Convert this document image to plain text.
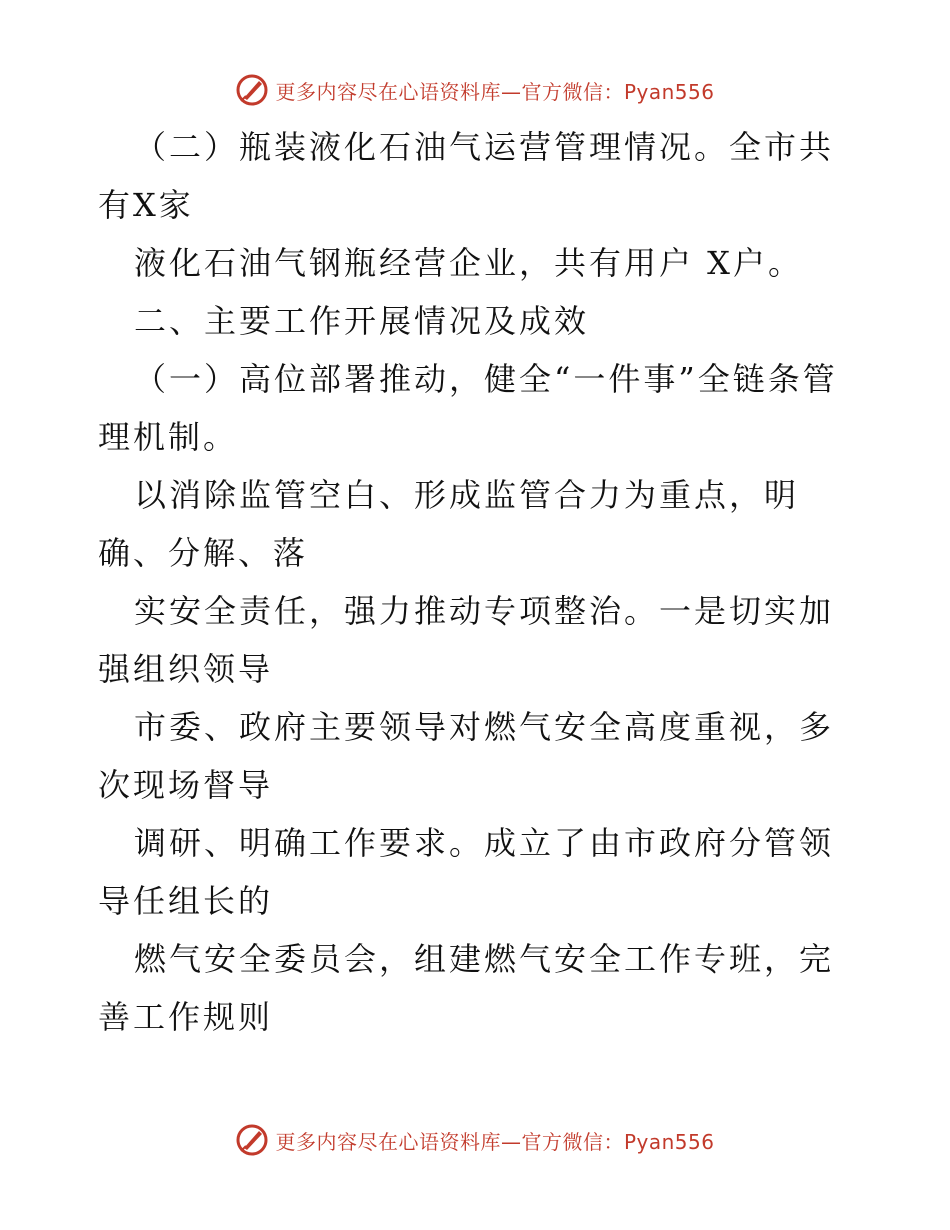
更多内容尽在心语资料库—官方微信：Pyan556

（二）瓶装液化石油气运营管理情况。全市共有X家

液化石油气钢瓶经营企业，共有用户 X户。

二、主要工作开展情况及成效

（一）高位部署推动，健全“一件事”全链条管理机制。

以消除监管空白、形成监管合力为重点，明确、分解、落

实安全责任，强力推动专项整治。一是切实加强组织领导

市委、政府主要领导对燃气安全高度重视，多次现场督导

调研、明确工作要求。成立了由市政府分管领导任组长的

燃气安全委员会，组建燃气安全工作专班，完善工作规则

更多内容尽在心语资料库—官方微信：Pyan556
